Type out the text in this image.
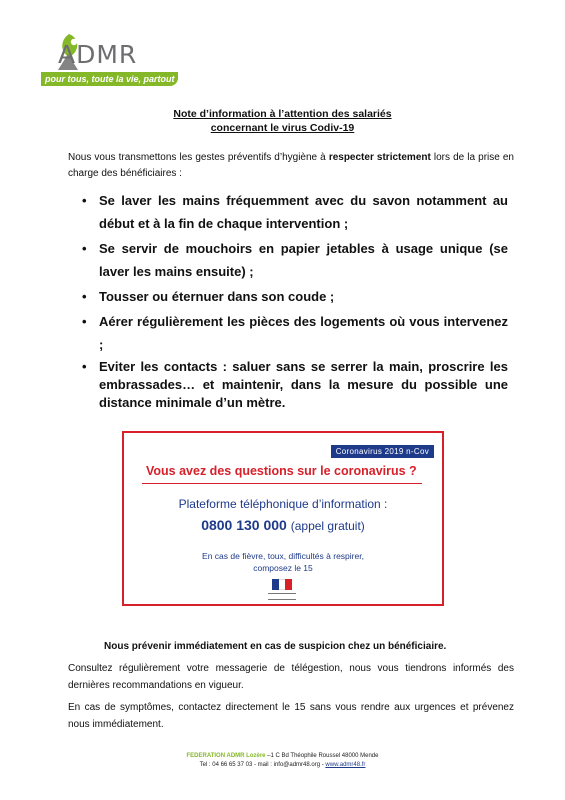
ADMR
pour tous, toute la vie, partout
Note d’information à l’attention des salariés
concernant le virus Codiv-19
Nous vous transmettons les gestes préventifs d’hygiène à respecter strictement lors de la prise en charge des bénéficiaires :
• Se laver les mains fréquemment avec du savon notamment au début et à la fin de chaque intervention ;
• Se servir de mouchoirs en papier jetables à usage unique (se laver les mains ensuite) ;
• Tousser ou éternuer dans son coude ;
• Aérer régulièrement les pièces des logements où vous intervenez ;
• Eviter les contacts : saluer sans se serrer la main, proscrire les embrassades… et maintenir, dans la mesure du possible une distance minimale d’un mètre.
Coronavirus 2019 n-Cov
Vous avez des questions sur le coronavirus ?
Plateforme téléphonique d’information :
0800 130 000 (appel gratuit)
En cas de fièvre, toux, difficultés à respirer,
composez le 15
Nous prévenir immédiatement en cas de suspicion chez un bénéficiaire.
Consultez régulièrement votre messagerie de télégestion, nous vous tiendrons informés des dernières recommandations en vigueur.
En cas de symptômes, contactez directement le 15 sans vous rendre aux urgences et prévenez nous immédiatement.
FEDERATION ADMR Lozère –1 C Bd Théophile Roussel 48000 Mende
Tel : 04 66 65 37 03 - mail : info@admr48.org - www.admr48.fr
